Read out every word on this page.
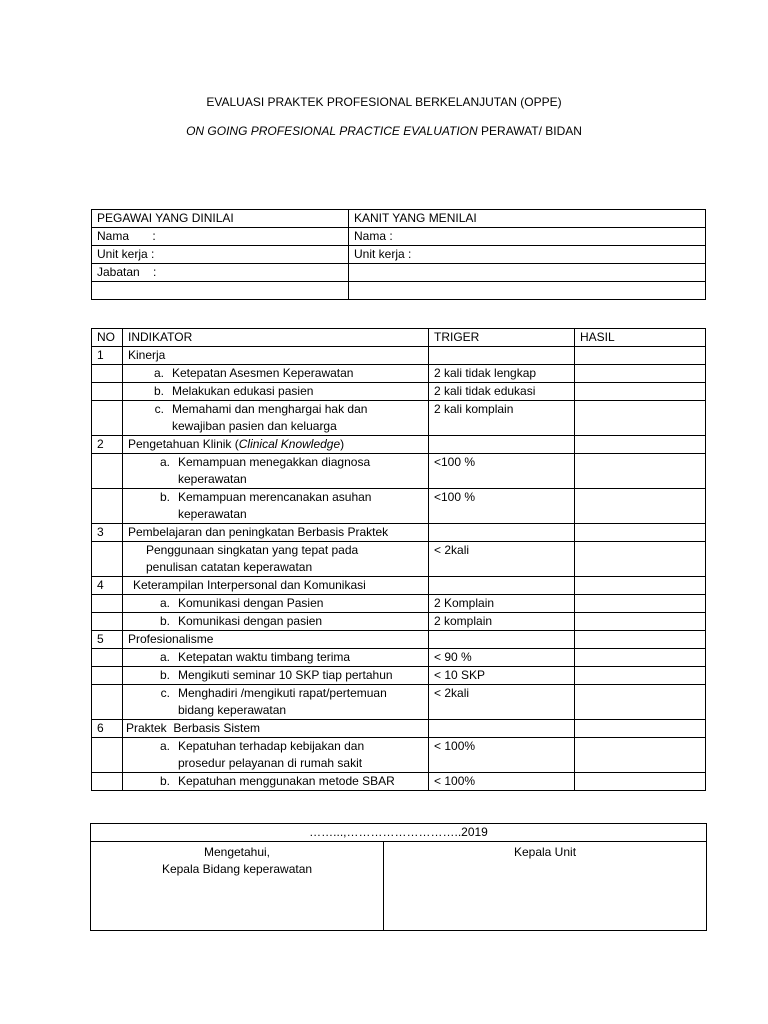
EVALUASI PRAKTEK PROFESIONAL BERKELANJUTAN (OPPE)
ON GOING PROFESIONAL PRACTICE EVALUATION PERAWAT/ BIDAN
PEGAWAI YANG DINILAI	KANIT YANG MENILAI
Nama       :	Nama :
Unit kerja :	Unit kerja :
Jabatan    :	

NO	INDIKATOR	TRIGER	HASIL
1	Kinerja		

	a. Ketepatan Asesmen Keperawatan	2 kali tidak lengkap	

	b. Melakukan edukasi pasien	2 kali tidak edukasi	

	c. Memahami dan menghargai hak dan kewajiban pasien dan keluarga	2 kali komplain	
2	Pengetahuan Klinik (Clinical Knowledge)		

	a. Kemampuan menegakkan diagnosa keperawatan	<100 %	

	b. Kemampuan merencanakan asuhan keperawatan	<100 %	
3	Pembelajaran dan peningkatan Berbasis Praktek		

	Penggunaan singkatan yang tepat pada penulisan catatan keperawatan	< 2kali	
4	Keterampilan Interpersonal dan Komunikasi		

	a. Komunikasi dengan Pasien	2 Komplain	

	b. Komunikasi dengan pasien	2 komplain	
5	Profesionalisme		

	a. Ketepatan waktu timbang terima	< 90 %	

	b. Mengikuti seminar 10 SKP tiap pertahun	< 10 SKP	

	c. Menghadiri /mengikuti rapat/pertemuan bidang keperawatan	< 2kali	
6	Praktek  Berbasis Sistem		

	a. Kepatuhan terhadap kebijakan dan prosedur pelayanan di rumah sakit	< 100%	

	b. Kepatuhan menggunakan metode SBAR	< 100%	
……...,………………………..2019

Mengetahui,
Kepala Bidang keperawatan

Kepala Unit
